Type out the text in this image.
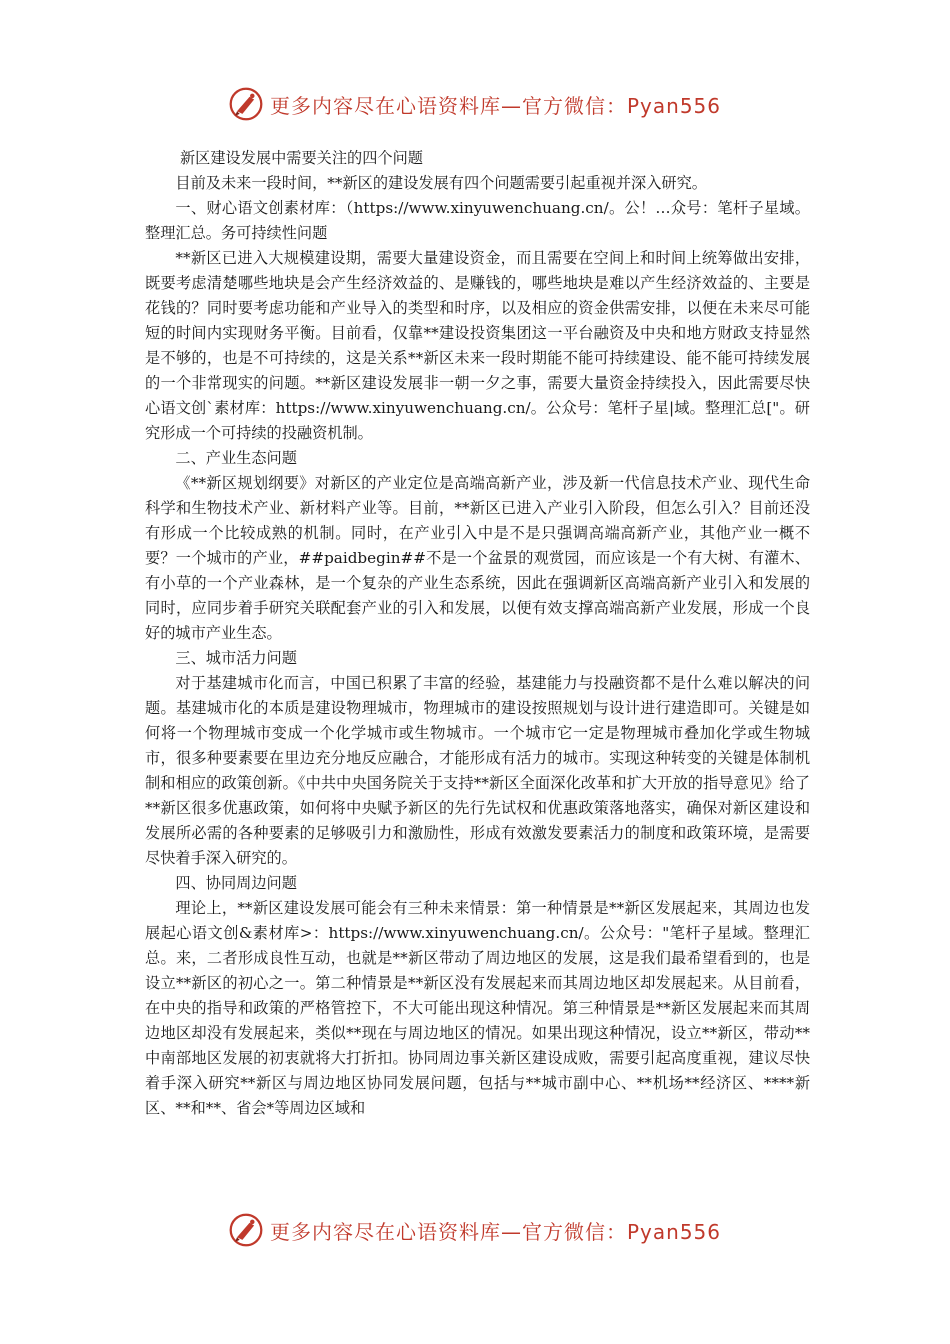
更多内容尽在心语资料库—官方微信：Pyan556

新区建设发展中需要关注的四个问题

目前及未来一段时间，**新区的建设发展有四个问题需要引起重视并深入研究。

一、财心语文创素材库：（https://www.xinyuwenchuang.cn/。公！…众号：笔杆子星域。整理汇总。务可持续性问题

**新区已进入大规模建设期，需要大量建设资金，而且需要在空间上和时间上统筹做出安排，既要考虑清楚哪些地块是会产生经济效益的、是赚钱的，哪些地块是难以产生经济效益的、主要是花钱的？同时要考虑功能和产业导入的类型和时序，以及相应的资金供需安排，以便在未来尽可能短的时间内实现财务平衡。目前看，仅靠**建设投资集团这一平台融资及中央和地方财政支持显然是不够的，也是不可持续的，这是关系**新区未来一段时期能不能可持续建设、能不能可持续发展的一个非常现实的问题。**新区建设发展非一朝一夕之事，需要大量资金持续投入，因此需要尽快心语文创`素材库：https://www.xinyuwenchuang.cn/。公众号：笔杆子星|域。整理汇总["。研究形成一个可持续的投融资机制。

二、产业生态问题

《**新区规划纲要》对新区的产业定位是高端高新产业，涉及新一代信息技术产业、现代生命科学和生物技术产业、新材料产业等。目前，**新区已进入产业引入阶段，但怎么引入？目前还没有形成一个比较成熟的机制。同时，在产业引入中是不是只强调高端高新产业，其他产业一概不要？一个城市的产业，##paidbegin##不是一个盆景的观赏园，而应该是一个有大树、有灌木、有小草的一个产业森林，是一个复杂的产业生态系统，因此在强调新区高端高新产业引入和发展的同时，应同步着手研究关联配套产业的引入和发展，以便有效支撑高端高新产业发展，形成一个良好的城市产业生态。

三、城市活力问题

对于基建城市化而言，中国已积累了丰富的经验，基建能力与投融资都不是什么难以解决的问题。基建城市化的本质是建设物理城市，物理城市的建设按照规划与设计进行建造即可。关键是如何将一个物理城市变成一个化学城市或生物城市。一个城市它一定是物理城市叠加化学或生物城市，很多种要素要在里边充分地反应融合，才能形成有活力的城市。实现这种转变的关键是体制机制和相应的政策创新。《中共中央国务院关于支持**新区全面深化改革和扩大开放的指导意见》给了**新区很多优惠政策，如何将中央赋予新区的先行先试权和优惠政策落地落实，确保对新区建设和发展所必需的各种要素的足够吸引力和激励性，形成有效激发要素活力的制度和政策环境，是需要尽快着手深入研究的。

四、协同周边问题

理论上，**新区建设发展可能会有三种未来情景：第一种情景是**新区发展起来，其周边也发展起心语文创&素材库>：https://www.xinyuwenchuang.cn/。公众号："笔杆子星域。整理汇总。来，二者形成良性互动，也就是**新区带动了周边地区的发展，这是我们最希望看到的，也是设立**新区的初心之一。第二种情景是**新区没有发展起来而其周边地区却发展起来。从目前看，在中央的指导和政策的严格管控下，不大可能出现这种情况。第三种情景是**新区发展起来而其周边地区却没有发展起来，类似**现在与周边地区的情况。如果出现这种情况，设立**新区，带动**中南部地区发展的初衷就将大打折扣。协同周边事关新区建设成败，需要引起高度重视，建议尽快着手深入研究**新区与周边地区协同发展问题，包括与**城市副中心、**机场**经济区、****新区、**和**、省会*等周边区域和

更多内容尽在心语资料库—官方微信：Pyan556
